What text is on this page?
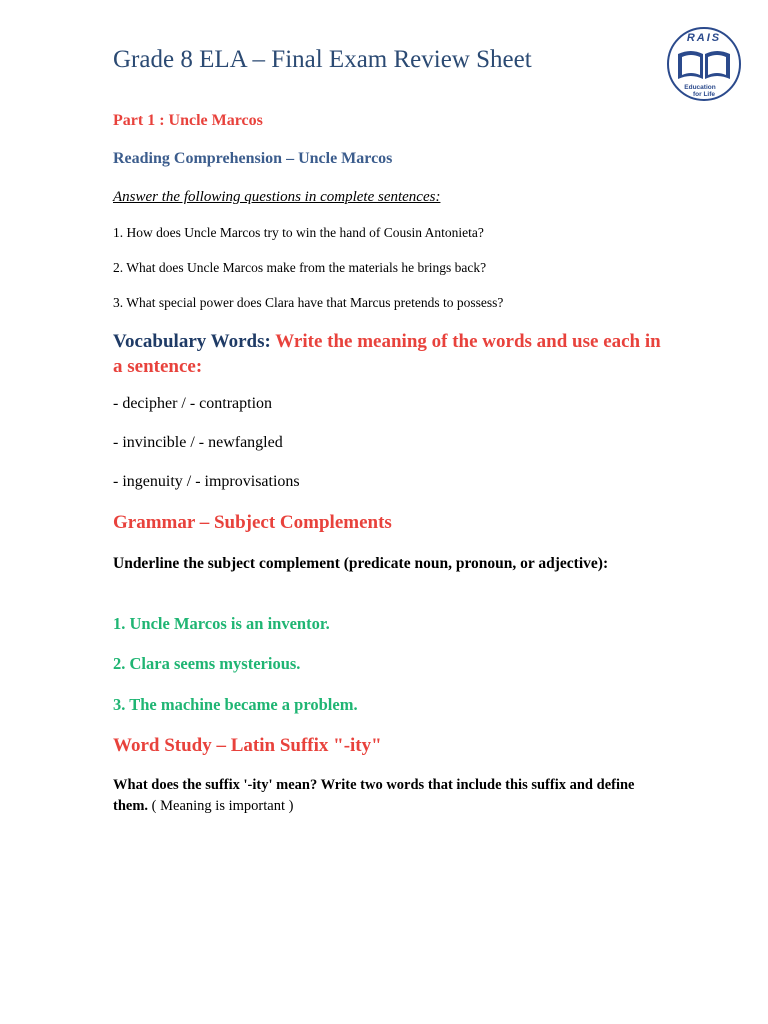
Grade 8 ELA – Final Exam Review Sheet
RAIS
Education
for Life
Part 1 : Uncle Marcos
Reading Comprehension – Uncle Marcos
Answer the following questions in complete sentences:
1. How does Uncle Marcos try to win the hand of Cousin Antonieta?
2. What does Uncle Marcos make from the materials he brings back?
3. What special power does Clara have that Marcus pretends to possess?
Vocabulary Words: Write the meaning of the words and use each in a sentence:
- decipher / - contraption
- invincible / - newfangled
- ingenuity / - improvisations
Grammar – Subject Complements
Underline the subject complement (predicate noun, pronoun, or adjective):
1. Uncle Marcos is an inventor.
2. Clara seems mysterious.
3. The machine became a problem.
Word Study – Latin Suffix "-ity"
What does the suffix '-ity' mean? Write two words that include this suffix and define them. ( Meaning is important )
